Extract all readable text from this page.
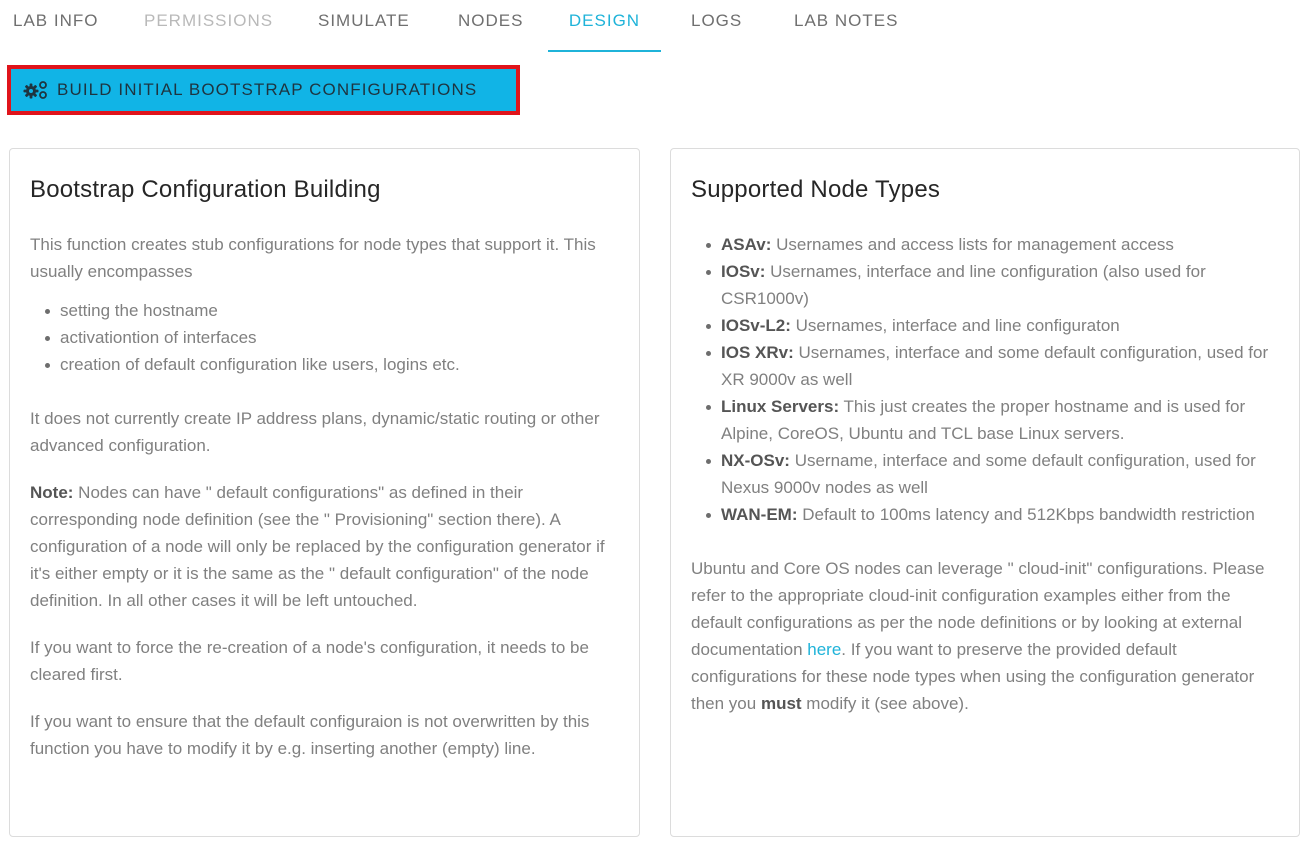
LAB INFO	PERMISSIONS	SIMULATE	NODES	DESIGN	LOGS	LAB NOTES
BUILD INITIAL BOOTSTRAP CONFIGURATIONS
Bootstrap Configuration Building

This function creates stub configurations for node types that support it. This usually encompasses

setting the hostname
activationtion of interfaces
creation of default configuration like users, logins etc.

It does not currently create IP address plans, dynamic/static routing or other advanced configuration.

Note: Nodes can have " default configurations" as defined in their corresponding node definition (see the " Provisioning" section there). A configuration of a node will only be replaced by the configuration generator if it's either empty or it is the same as the " default configuration" of the node definition. In all other cases it will be left untouched.

If you want to force the re-creation of a node's configuration, it needs to be cleared first.

If you want to ensure that the default configuraion is not overwritten by this function you have to modify it by e.g. inserting another (empty) line.

Supported Node Types
ASAv: Usernames and access lists for management access
IOSv: Usernames, interface and line configuration (also used for CSR1000v)
IOSv-L2: Usernames, interface and line configuraton
IOS XRv: Usernames, interface and some default configuration, used for XR 9000v as well
Linux Servers: This just creates the proper hostname and is used for Alpine, CoreOS, Ubuntu and TCL base Linux servers.
NX-OSv: Username, interface and some default configuration, used for Nexus 9000v nodes as well
WAN-EM: Default to 100ms latency and 512Kbps bandwidth restriction

Ubuntu and Core OS nodes can leverage " cloud-init" configurations. Please refer to the appropriate cloud-init configuration examples either from the default configurations as per the node definitions or by looking at external documentation here. If you want to preserve the provided default configurations for these node types when using the configuration generator then you must modify it (see above).
